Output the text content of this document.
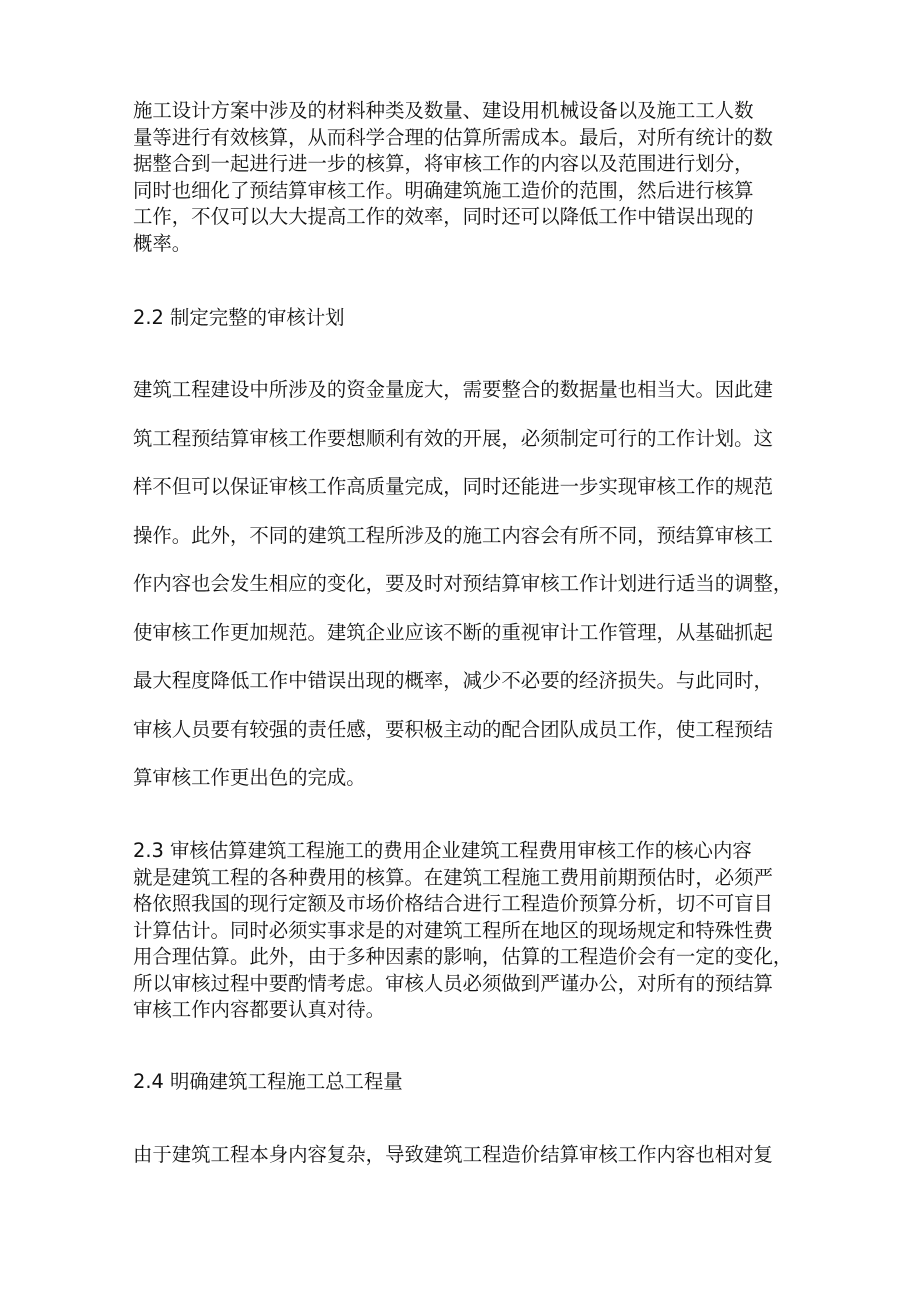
施工设计方案中涉及的材料种类及数量、建设用机械设备以及施工工人数
量等进行有效核算，从而科学合理的估算所需成本。最后，对所有统计的数
据整合到一起进行进一步的核算，将审核工作的内容以及范围进行划分，
同时也细化了预结算审核工作。明确建筑施工造价的范围，然后进行核算
工作，不仅可以大大提高工作的效率，同时还可以降低工作中错误出现的
概率。
2.2 制定完整的审核计划
建筑工程建设中所涉及的资金量庞大，需要整合的数据量也相当大。因此建
筑工程预结算审核工作要想顺利有效的开展，必须制定可行的工作计划。这
样不但可以保证审核工作高质量完成，同时还能进一步实现审核工作的规范
操作。此外，不同的建筑工程所涉及的施工内容会有所不同，预结算审核工
作内容也会发生相应的变化，要及时对预结算审核工作计划进行适当的调整，
使审核工作更加规范。建筑企业应该不断的重视审计工作管理，从基础抓起
最大程度降低工作中错误出现的概率，减少不必要的经济损失。与此同时，
审核人员要有较强的责任感，要积极主动的配合团队成员工作，使工程预结
算审核工作更出色的完成。
2.3 审核估算建筑工程施工的费用企业建筑工程费用审核工作的核心内容
就是建筑工程的各种费用的核算。在建筑工程施工费用前期预估时，必须严
格依照我国的现行定额及市场价格结合进行工程造价预算分析，切不可盲目
计算估计。同时必须实事求是的对建筑工程所在地区的现场规定和特殊性费
用合理估算。此外，由于多种因素的影响，估算的工程造价会有一定的变化，
所以审核过程中要酌情考虑。审核人员必须做到严谨办公，对所有的预结算
审核工作内容都要认真对待。
2.4 明确建筑工程施工总工程量
由于建筑工程本身内容复杂，导致建筑工程造价结算审核工作内容也相对复
